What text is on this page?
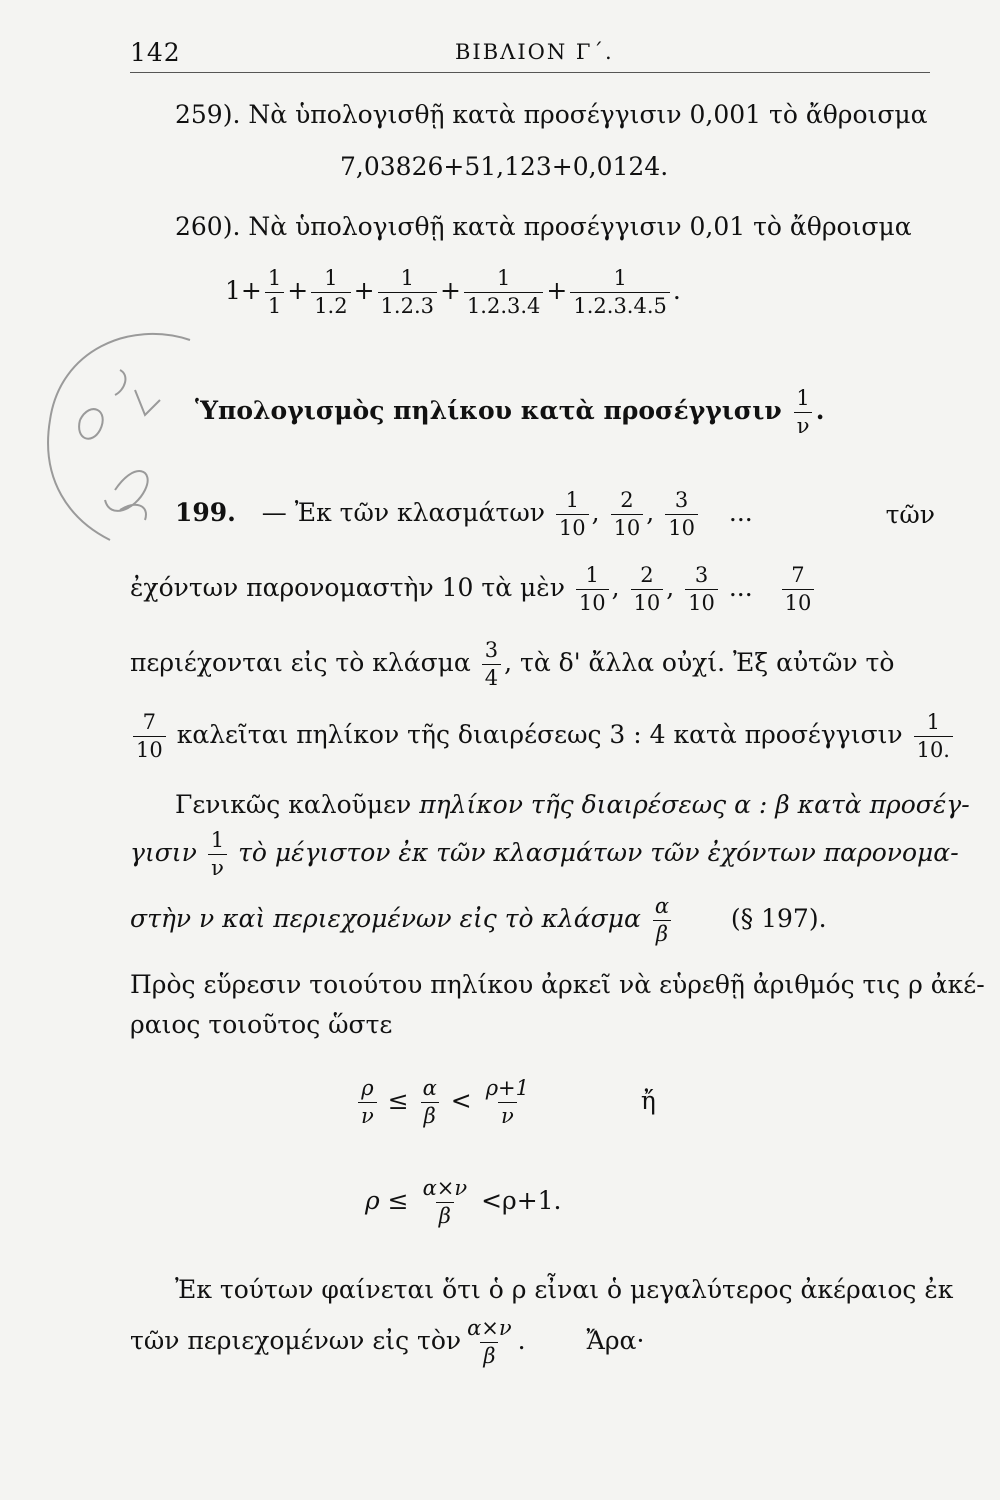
142	ΒΙΒΛΙΟΝ Γ΄.
259). Νὰ ὑπολογισθῇ κατὰ προσέγγισιν 0,001 τὸ ἄθροισμα
7,03826+51,123+0,0124.
260). Νὰ ὑπολογισθῇ κατὰ προσέγγισιν 0,01 τὸ ἄθροισμα
$1+ \frac{1}{1} + \frac{1}{1.2} + \frac{1}{1.2.3} + \frac{1}{1.2.3.4} + \frac{1}{1.2.3.4.5}$ .
Ὑπολογισμὸς πηλίκου κατὰ προσέγγισιν $\frac{1}{\nu}$ .
199. — Ἐκ τῶν κλασμάτων $\frac{1}{10}$ , $\frac{2}{10}$ , $\frac{3}{10}$ ...	τῶν
ἐχόντων παρονομαστὴν 10 τὰ μὲν $\frac{1}{10}$ , $\frac{2}{10}$ , $\frac{3}{10}$ ... $\frac{7}{10}$
περιέχονται εἰς τὸ κλάσμα $\frac{3}{4}$ , τὰ δ' ἄλλα οὐχί. Ἐξ αὐτῶν τὸ
$\frac{7}{10}$ καλεῖται πηλίκον τῆς διαιρέσεως 3 : 4 κατὰ προσέγγισιν $\frac{1}{10.}$
Γενικῶς καλοῦμεν πηλίκον τῆς διαιρέσεως α : β κατὰ προσέγ-
γισιν $\frac{1}{\nu}$ τὸ μέγιστον ἐκ τῶν κλασμάτων τῶν ἐχόντων παρονομα-
στὴν ν καὶ περιεχομένων εἰς τὸ κλάσμα $\frac{\alpha}{\beta}$ (§ 197).
Πρὸς εὕρεσιν τοιούτου πηλίκου ἀρκεῖ νὰ εὑρεθῇ ἀριθμός τις ρ ἀκέ-
ραιος τοιοῦτος ὥστε
$\frac{\rho}{\nu} \le \frac{\alpha}{\beta} < \frac{\rho+1}{\nu}$	ἤ
$\rho \le \frac{\alpha\times\nu}{\beta} <\rho+1$.
Ἐκ τούτων φαίνεται ὅτι ὁ ρ εἶναι ὁ μεγαλύτερος ἀκέραιος ἐκ
τῶν περιεχομένων εἰς τὸν $\frac{\alpha\times\nu}{\beta}$ . Ἄρα·
